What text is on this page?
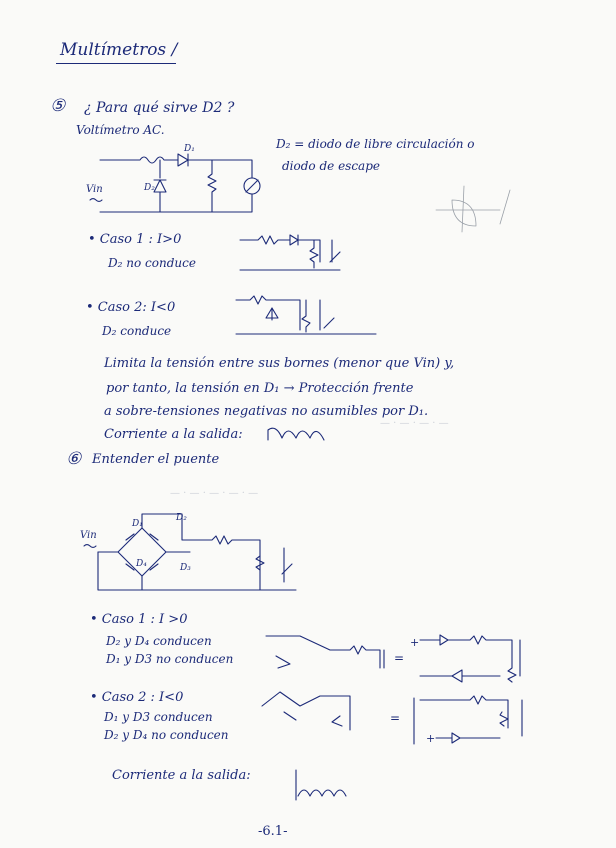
Multímetros /
⑤ ¿ Para qué sirve D2 ?
Voltímetro AC.
D₂ = diodo de libre circulación o
diodo de escape
• Caso 1 : I>0
D₂ no conduce
• Caso 2: I<0
D₂ conduce
Limita la tensión entre sus bornes (menor que Vin) y,
por tanto, la tensión en D₁ → Protección frente
a sobre-tensiones negativas no asumibles por D₁.
Corriente a la salida:
⑥ Entender el puente
• Caso 1 : I >0
D₂ y D₄ conducen
D₁ y D3 no conducen
• Caso 2 : I<0
D₁ y D3 conducen
D₂ y D₄ no conducen
Corriente a la salida:
-6.1-
D₁
D₂
Vin
D₁
D₂
D₃
D₄
Vin
=
+
=
+
— · — · — · —
— · — · — · — · —
